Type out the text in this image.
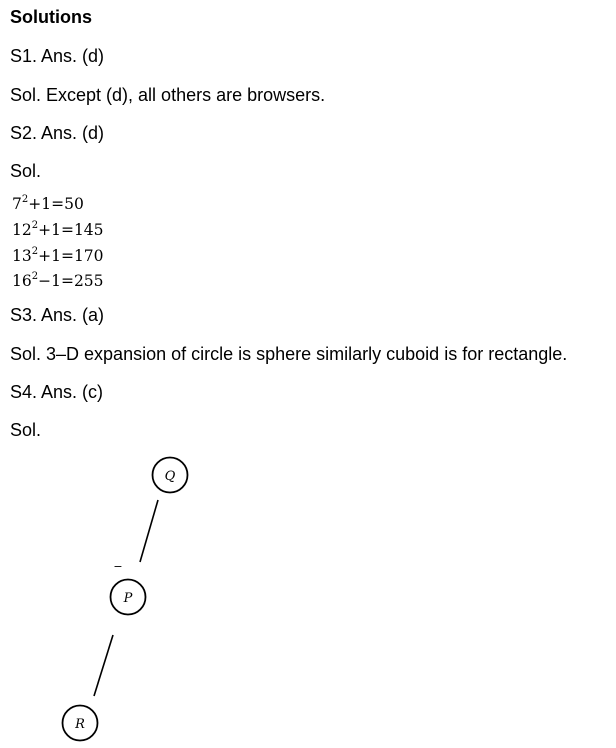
Solutions
S1. Ans. (d)
Sol. Except (d), all others are browsers.
S2. Ans. (d)
Sol.
$7^2+1=50$
$12^2+1=145$
$13^2+1=170$
$16^2-1=255$
S3. Ans. (a)
Sol. 3–D expansion of circle is sphere similarly cuboid is for rectangle.
S4. Ans. (c)
Sol.
Q
−
P
R
